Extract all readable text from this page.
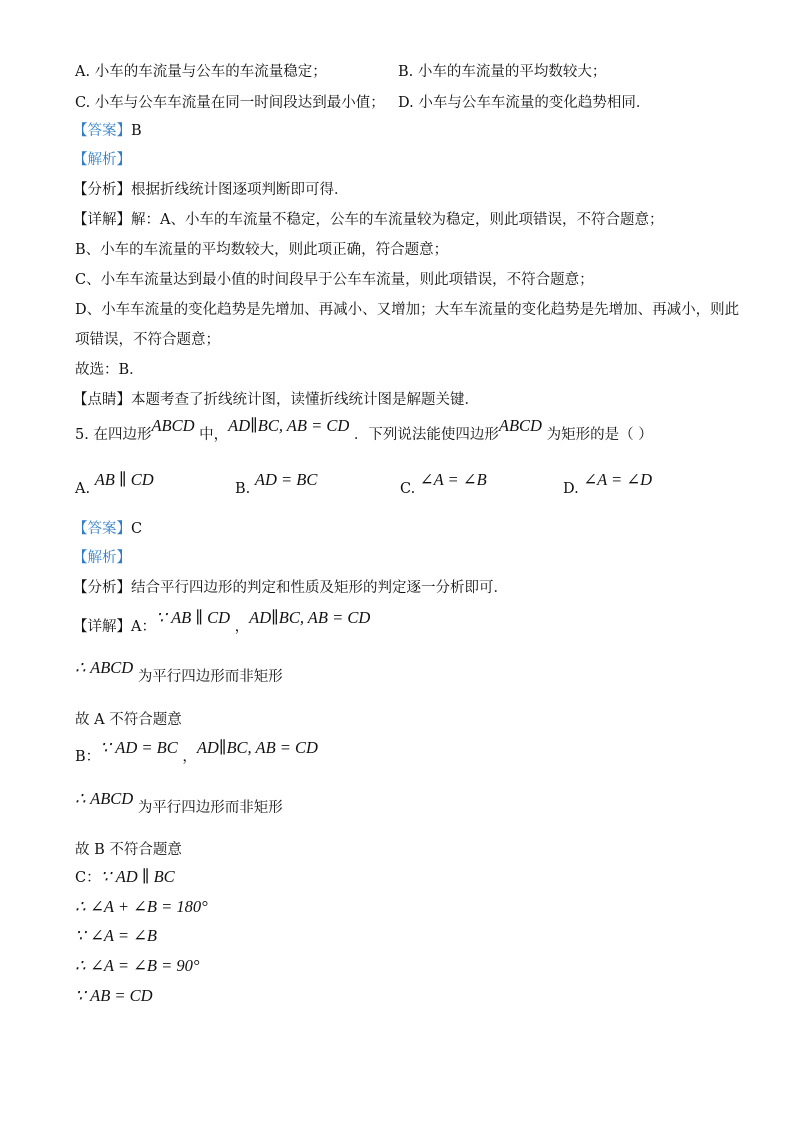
A. 小车的车流量与公车的车流量稳定；	B. 小车的车流量的平均数较大；
C. 小车与公车车流量在同一时间段达到最小值； D. 小车与公车车流量的变化趋势相同．
【答案】B
【解析】
【分析】根据折线统计图逐项判断即可得．
【详解】解：A、小车的车流量不稳定，公车的车流量较为稳定，则此项错误，不符合题意；
B、小车的车流量的平均数较大，则此项正确，符合题意；
C、小车车流量达到最小值的时间段早于公车车流量，则此项错误，不符合题意；
D、小车车流量的变化趋势是先增加、再减小、又增加；大车车流量的变化趋势是先增加、再减小，则此
项错误，不符合题意；
故选：B．
【点睛】本题考查了折线统计图，读懂折线统计图是解题关键．
5. 在四边形ABCD 中，AD∥BC, AB = CD ．下列说法能使四边形ABCD 为矩形的是（ ）
A. AB ∥ CD	B. AD = BC	C. ∠A = ∠B	D. ∠A = ∠D
【答案】C
【解析】
【分析】结合平行四边形的判定和性质及矩形的判定逐一分析即可．
【详解】A：∵ AB ∥ CD ，AD∥BC, AB = CD
∴ ABCD 为平行四边形而非矩形
故 A 不符合题意
B：∵ AD = BC ，AD∥BC, AB = CD
∴ ABCD 为平行四边形而非矩形
故 B 不符合题意
C：∵ AD ∥ BC
∴ ∠A + ∠B = 180°
∵ ∠A = ∠B
∴ ∠A = ∠B = 90°
∵ AB = CD
